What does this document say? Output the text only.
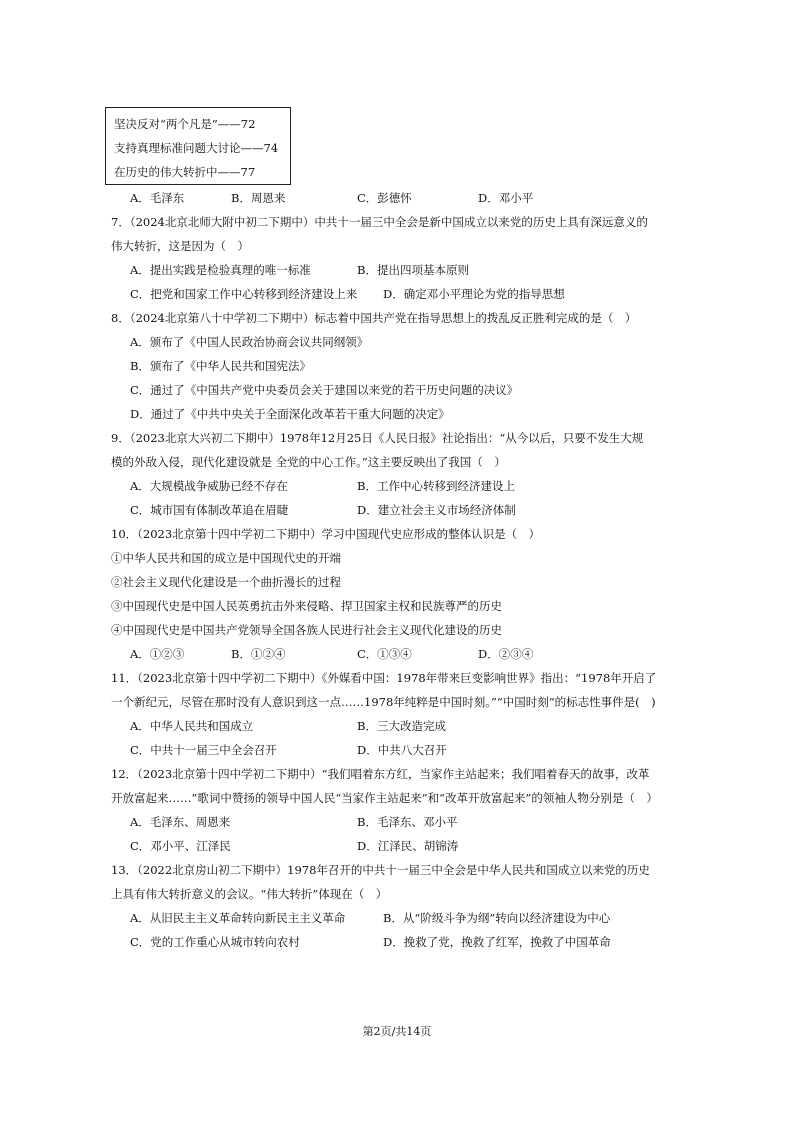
坚决反对“两个凡是”——72
支持真理标准问题大讨论——74
在历史的伟大转折中——77
A．毛泽东	B．周恩来	C．彭德怀	D．邓小平
7．（2024北京北师大附中初二下期中）中共十一届三中全会是新中国成立以来党的历史上具有深远意义的
伟大转折，这是因为（　）
A．提出实践是检验真理的唯一标准	B．提出四项基本原则
C．把党和国家工作中心转移到经济建设上来 D．确定邓小平理论为党的指导思想
8．（2024北京第八十中学初二下期中）标志着中国共产党在指导思想上的拨乱反正胜利完成的是（　）
A．颁布了《中国人民政治协商会议共同纲领》
B．颁布了《中华人民共和国宪法》
C．通过了《中国共产党中央委员会关于建国以来党的若干历史问题的决议》
D．通过了《中共中央关于全面深化改革若干重大问题的决定》
9．（2023北京大兴初二下期中）1978年12月25日《人民日报》社论指出：“从今以后，只要不发生大规
模的外敌入侵，现代化建设就是 全党的中心工作。”这主要反映出了我国（　）
A．大规模战争威胁已经不存在	B．工作中心转移到经济建设上
C．城市国有体制改革追在眉睫	D．建立社会主义市场经济体制
10．（2023北京第十四中学初二下期中）学习中国现代史应形成的整体认识是（　）
①中华人民共和国的成立是中国现代史的开端
②社会主义现代化建设是一个曲折漫长的过程
③中国现代史是中国人民英勇抗击外来侵略、捍卫国家主权和民族尊严的历史
④中国现代史是中国共产党领导全国各族人民进行社会主义现代化建设的历史
A．①②③	B．①②④	C．①③④	D．②③④
11．（2023北京第十四中学初二下期中）《外媒看中国：1978年带来巨变影响世界》指出：“1978年开启了
一个新纪元，尽管在那时没有人意识到这一点……1978年纯粹是中国时刻。”“中国时刻”的标志性事件是(　)
A．中华人民共和国成立	B．三大改造完成
C．中共十一届三中全会召开	D．中共八大召开
12．（2023北京第十四中学初二下期中）“我们唱着东方红，当家作主站起来；我们唱着春天的故事，改革
开放富起来……”歌词中赞扬的领导中国人民“当家作主站起来”和“改革开放富起来”的领袖人物分别是（　）
A．毛泽东、周恩来	B．毛泽东、邓小平
C．邓小平、江泽民	D．江泽民、胡锦涛
13．（2022北京房山初二下期中）1978年召开的中共十一届三中全会是中华人民共和国成立以来党的历史
上具有伟大转折意义的会议。“伟大转折”体现在（　）
A．从旧民主主义革命转向新民主主义革命	B．从“阶级斗争为纲”转向以经济建设为中心
C．党的工作重心从城市转向农村	D．挽救了党，挽救了红军，挽救了中国革命
第2页/共14页
